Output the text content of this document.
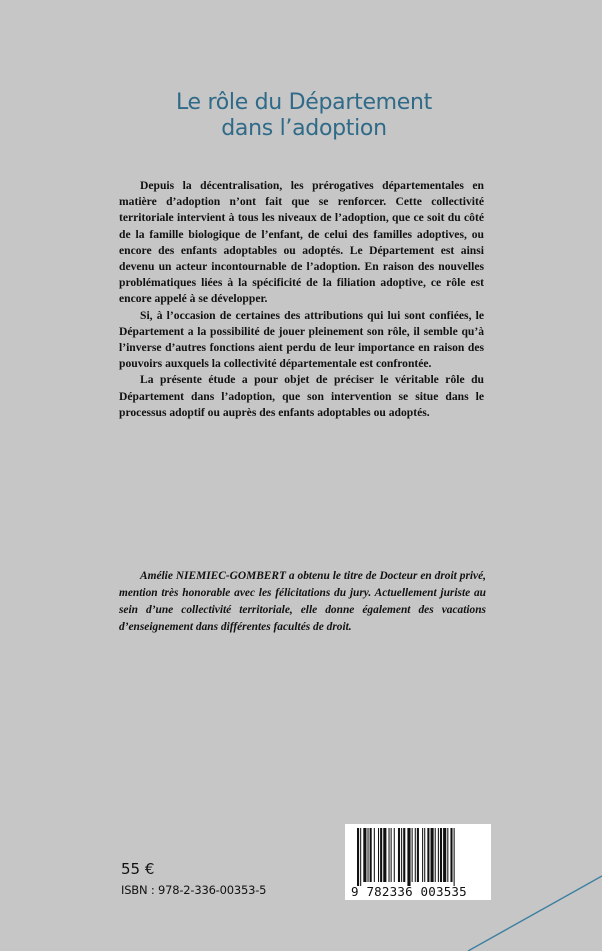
Le rôle du Département
dans l’adoption

Depuis la décentralisation, les prérogatives départementales en matière d’adoption n’ont fait que se renforcer. Cette collectivité territoriale intervient à tous les niveaux de l’adoption, que ce soit du côté de la famille biologique de l’enfant, de celui des familles adoptives, ou encore des enfants adoptables ou adoptés. Le Département est ainsi devenu un acteur incontournable de l’adoption. En raison des nouvelles problématiques liées à la spécificité de la filiation adoptive, ce rôle est encore appelé à se développer.

Si, à l’occasion de certaines des attributions qui lui sont confiées, le Département a la possibilité de jouer pleinement son rôle, il semble qu’à l’inverse d’autres fonctions aient perdu de leur importance en raison des pouvoirs auxquels la collectivité départementale est confrontée.

La présente étude a pour objet de préciser le véritable rôle du Département dans l’adoption, que son intervention se situe dans le processus adoptif ou auprès des enfants adoptables ou adoptés.

Amélie NIEMIEC-GOMBERT a obtenu le titre de Docteur en droit privé, mention très honorable avec les félicitations du jury. Actuellement juriste au sein d’une collectivité territoriale, elle donne également des vacations d’enseignement dans différentes facultés de droit.

55 €
ISBN : 978-2-336-00353-5	9 782336 003535
